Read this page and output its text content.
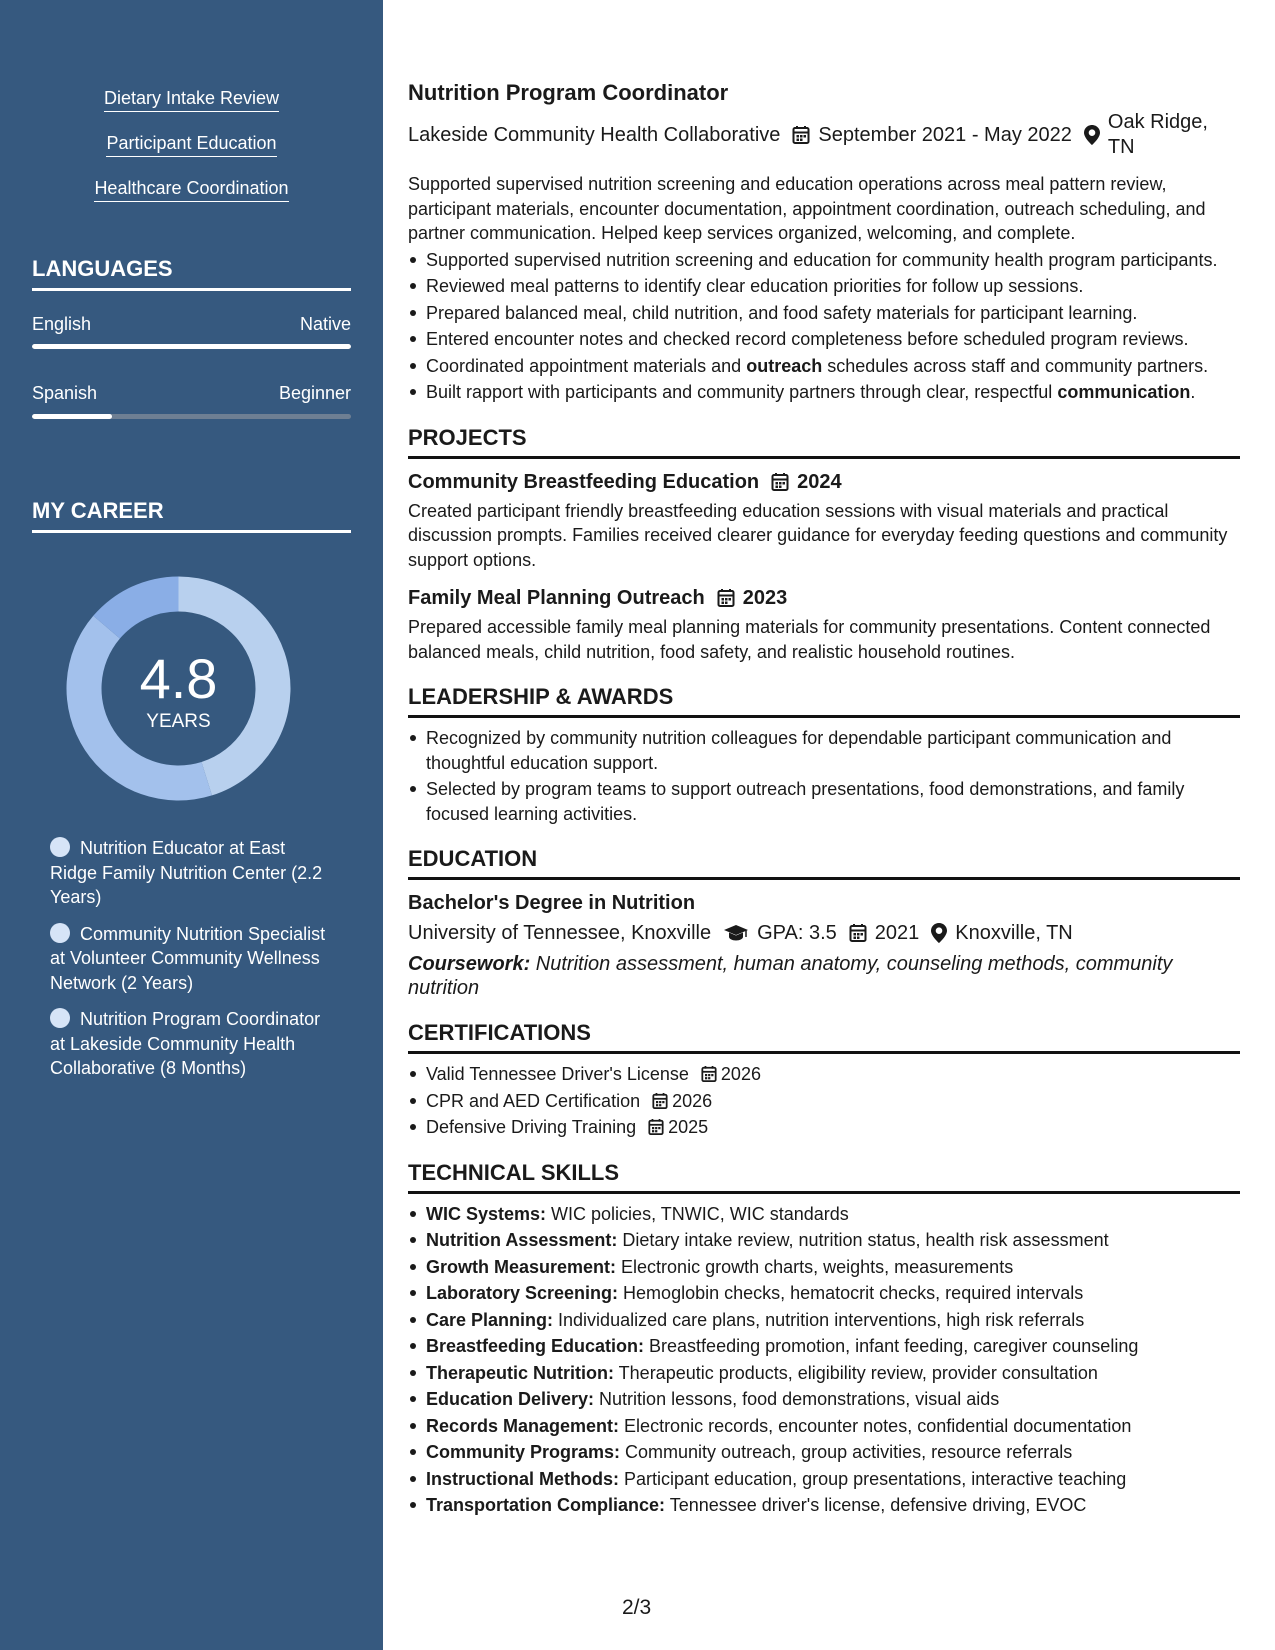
Dietary Intake Review
Participant Education
Healthcare Coordination
LANGUAGES
English	Native
Spanish	Beginner
MY CAREER
4.8
YEARS
Nutrition Educator at East Ridge Family Nutrition Center (2.2 Years)
Community Nutrition Specialist at Volunteer Community Wellness Network (2 Years)
Nutrition Program Coordinator at Lakeside Community Health Collaborative (8 Months)
Nutrition Program Coordinator
Lakeside Community Health Collaborative September 2021 - May 2022
Oak Ridge, TN
Supported supervised nutrition screening and education operations across meal pattern review, participant materials, encounter documentation, appointment coordination, outreach scheduling, and partner communication. Helped keep services organized, welcoming, and complete.
Supported supervised nutrition screening and education for community health program participants.
Reviewed meal patterns to identify clear education priorities for follow up sessions.
Prepared balanced meal, child nutrition, and food safety materials for participant learning.
Entered encounter notes and checked record completeness before scheduled program reviews.
Coordinated appointment materials and outreach schedules across staff and community partners.
Built rapport with participants and community partners through clear, respectful communication.
PROJECTS
Community Breastfeeding Education 2024
Created participant friendly breastfeeding education sessions with visual materials and practical discussion prompts. Families received clearer guidance for everyday feeding questions and community support options.
Family Meal Planning Outreach 2023
Prepared accessible family meal planning materials for community presentations. Content connected balanced meals, child nutrition, food safety, and realistic household routines.
LEADERSHIP & AWARDS
Recognized by community nutrition colleagues for dependable participant communication and thoughtful education support.
Selected by program teams to support outreach presentations, food demonstrations, and family focused learning activities.
EDUCATION
Bachelor's Degree in Nutrition
University of Tennessee, Knoxville GPA: 3.5 2021 Knoxville, TN
Coursework: Nutrition assessment, human anatomy, counseling methods, community nutrition
CERTIFICATIONS
Valid Tennessee Driver's License 2026
CPR and AED Certification 2026
Defensive Driving Training 2025
TECHNICAL SKILLS
WIC Systems: WIC policies, TNWIC, WIC standards
Nutrition Assessment: Dietary intake review, nutrition status, health risk assessment
Growth Measurement: Electronic growth charts, weights, measurements
Laboratory Screening: Hemoglobin checks, hematocrit checks, required intervals
Care Planning: Individualized care plans, nutrition interventions, high risk referrals
Breastfeeding Education: Breastfeeding promotion, infant feeding, caregiver counseling
Therapeutic Nutrition: Therapeutic products, eligibility review, provider consultation
Education Delivery: Nutrition lessons, food demonstrations, visual aids
Records Management: Electronic records, encounter notes, confidential documentation
Community Programs: Community outreach, group activities, resource referrals
Instructional Methods: Participant education, group presentations, interactive teaching
Transportation Compliance: Tennessee driver's license, defensive driving, EVOC
2/3
